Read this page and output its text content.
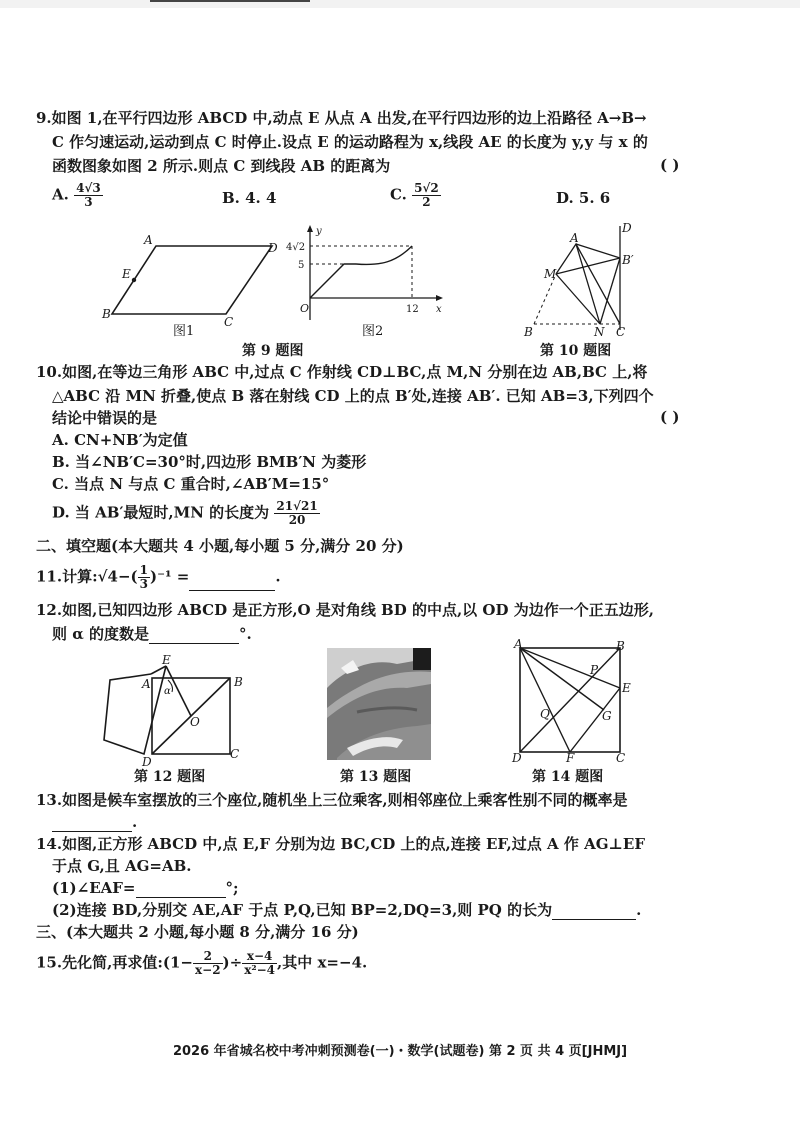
9.如图 1,在平行四边形 ABCD 中,动点 E 从点 A 出发,在平行四边形的边上沿路径 A→B→
C 作匀速运动,运动到点 C 时停止.设点 E 的运动路程为 x,线段 AE 的长度为 y,y 与 x 的
函数图象如图 2 所示.则点 C 到线段 AB 的距离为	( )
A. $\frac{4√3}{3}$	B. 4. 4	C. $\frac{5√2}{2}$	D. 5. 6
A
D
E
B
C
图1
y
x
O
4√2
5
12
图2
第 9 题图
A
D
M
B′
B	N C
第 10 题图
10.如图,在等边三角形 ABC 中,过点 C 作射线 CD⊥BC,点 M,N 分别在边 AB,BC 上,将
△ABC 沿 MN 折叠,使点 B 落在射线 CD 上的点 B′处,连接 AB′. 已知 AB=3,下列四个
结论中错误的是	( )
A. CN+NB′为定值
B. 当∠NB′C=30°时,四边形 BMB′N 为菱形
C. 当点 N 与点 C 重合时,∠AB′M=15°
D. 当 AB′最短时,MN 的长度为 $\frac{21√21}{20}$
二、填空题(本大题共 4 小题,每小题 5 分,满分 20 分)
11.计算:√4−( $\frac{1}{3} )^{-1}$ =	.
12.如图,已知四边形 ABCD 是正方形,O 是对角线 BD 的中点,以 OD 为边作一个正五边形,
则 α 的度数是	°.
E
A	B
α
O
D
C
第 12 题图	第 13 题图
A	B
P
E
Q	G
D	F	C
第 14 题图
13.如图是候车室摆放的三个座位,随机坐上三位乘客,则相邻座位上乘客性别不同的概率是
.
14.如图,正方形 ABCD 中,点 E,F 分别为边 BC,CD 上的点,连接 EF,过点 A 作 AG⊥EF
于点 G,且 AG=AB.
(1)∠EAF=	°;
(2)连接 BD,分别交 AE,AF 于点 P,Q,已知 BP=2,DQ=3,则 PQ 的长为	.
三、(本大题共 2 小题,每小题 8 分,满分 16 分)
15.先化简,再求值:(1− $\frac{2}{x-2}$ )÷ $\frac{x-4}{\text{x²−4}}$ ,其中 x=−4.
2026 年省城名校中考冲刺预测卷(一)・数学(试题卷) 第 2 页 共 4 页[JHMJ]
